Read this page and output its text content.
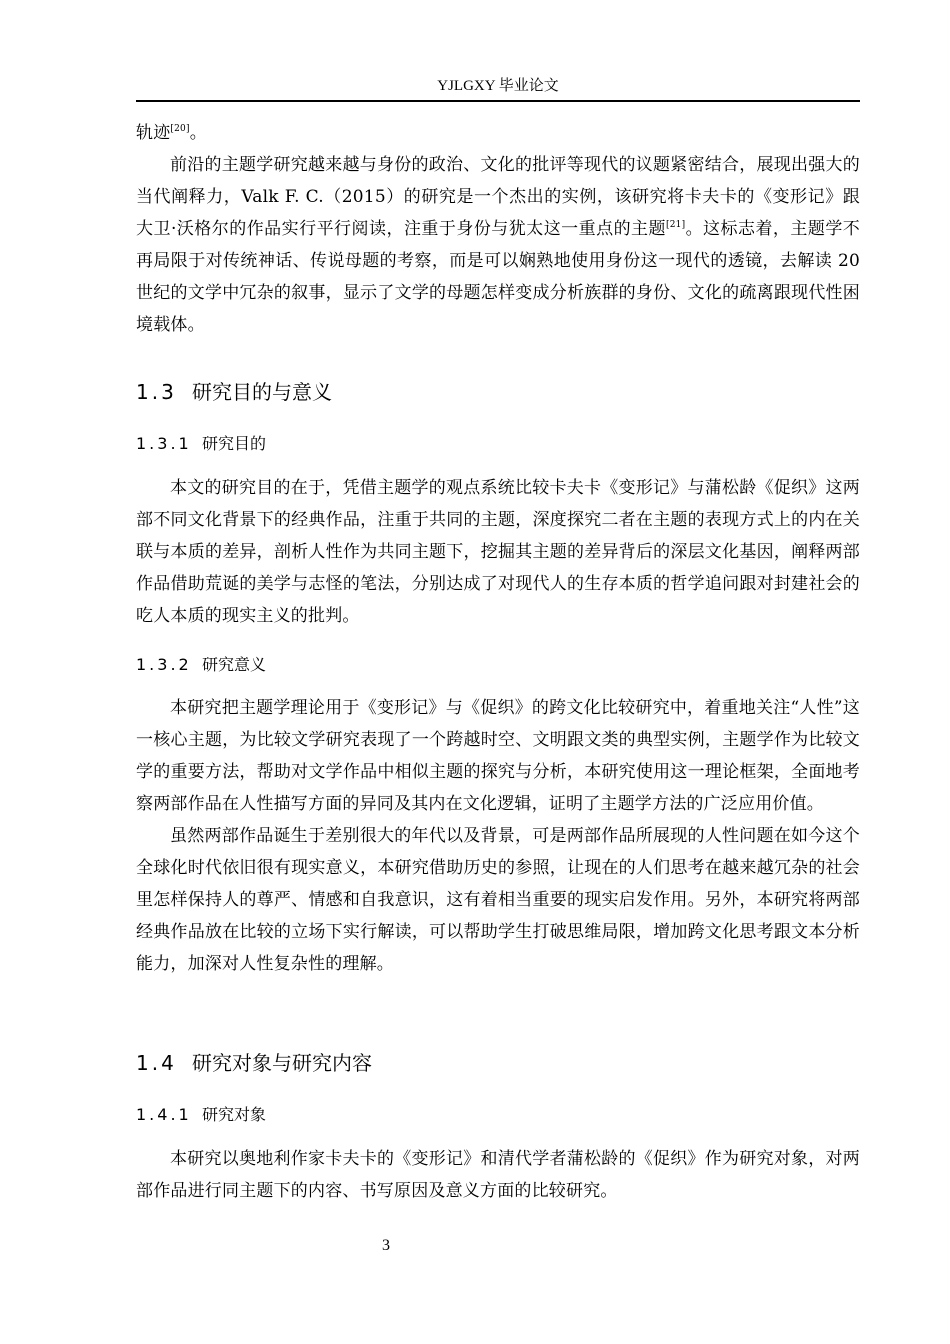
YJLGXY 毕业论文

轨迹[20]。

前沿的主题学研究越来越与身份的政治、文化的批评等现代的议题紧密结合，展现出强大的当代阐释力，Valk F. C.（2015）的研究是一个杰出的实例，该研究将卡夫卡的《变形记》跟大卫·沃格尔的作品实行平行阅读，注重于身份与犹太这一重点的主题[21]。这标志着，主题学不再局限于对传统神话、传说母题的考察，而是可以娴熟地使用身份这一现代的透镜，去解读 20 世纪的文学中冗杂的叙事，显示了文学的母题怎样变成分析族群的身份、文化的疏离跟现代性困境载体。

1.3 研究目的与意义
1.3.1 研究目的

本文的研究目的在于，凭借主题学的观点系统比较卡夫卡《变形记》与蒲松龄《促织》这两部不同文化背景下的经典作品，注重于共同的主题，深度探究二者在主题的表现方式上的内在关联与本质的差异，剖析人性作为共同主题下，挖掘其主题的差异背后的深层文化基因，阐释两部作品借助荒诞的美学与志怪的笔法，分别达成了对现代人的生存本质的哲学追问跟对封建社会的吃人本质的现实主义的批判。

1.3.2 研究意义

本研究把主题学理论用于《变形记》与《促织》的跨文化比较研究中，着重地关注“人性”这一核心主题，为比较文学研究表现了一个跨越时空、文明跟文类的典型实例，主题学作为比较文学的重要方法，帮助对文学作品中相似主题的探究与分析，本研究使用这一理论框架，全面地考察两部作品在人性描写方面的异同及其内在文化逻辑，证明了主题学方法的广泛应用价值。

虽然两部作品诞生于差别很大的年代以及背景，可是两部作品所展现的人性问题在如今这个全球化时代依旧很有现实意义，本研究借助历史的参照，让现在的人们思考在越来越冗杂的社会里怎样保持人的尊严、情感和自我意识，这有着相当重要的现实启发作用。另外，本研究将两部经典作品放在比较的立场下实行解读，可以帮助学生打破思维局限，增加跨文化思考跟文本分析能力，加深对人性复杂性的理解。

1.4 研究对象与研究内容
1.4.1 研究对象

本研究以奥地利作家卡夫卡的《变形记》和清代学者蒲松龄的《促织》作为研究对象，对两部作品进行同主题下的内容、书写原因及意义方面的比较研究。

3
